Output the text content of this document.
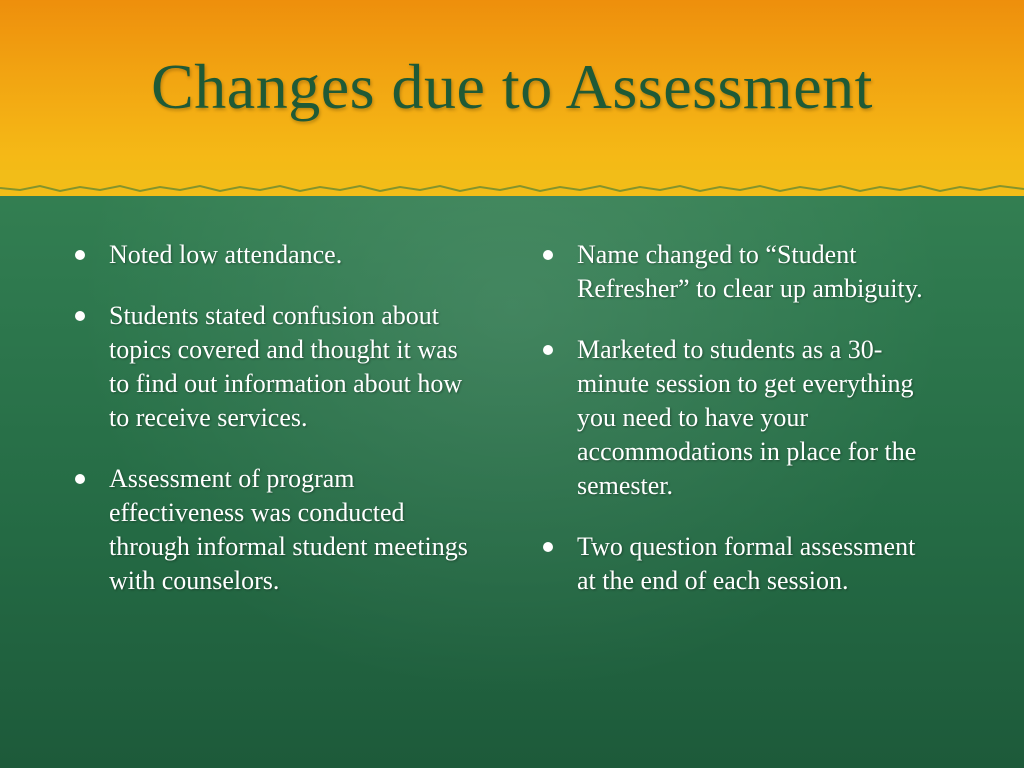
Changes due to Assessment
Noted low attendance.
Students stated confusion about topics covered and thought it was to find out information about how to receive services.
Assessment of program effectiveness was conducted through informal student meetings with counselors.
Name changed to “Student Refresher” to clear up ambiguity.
Marketed to students as a 30-minute session to get everything you need to have your accommodations in place for the semester.
Two question formal assessment at the end of each session.
